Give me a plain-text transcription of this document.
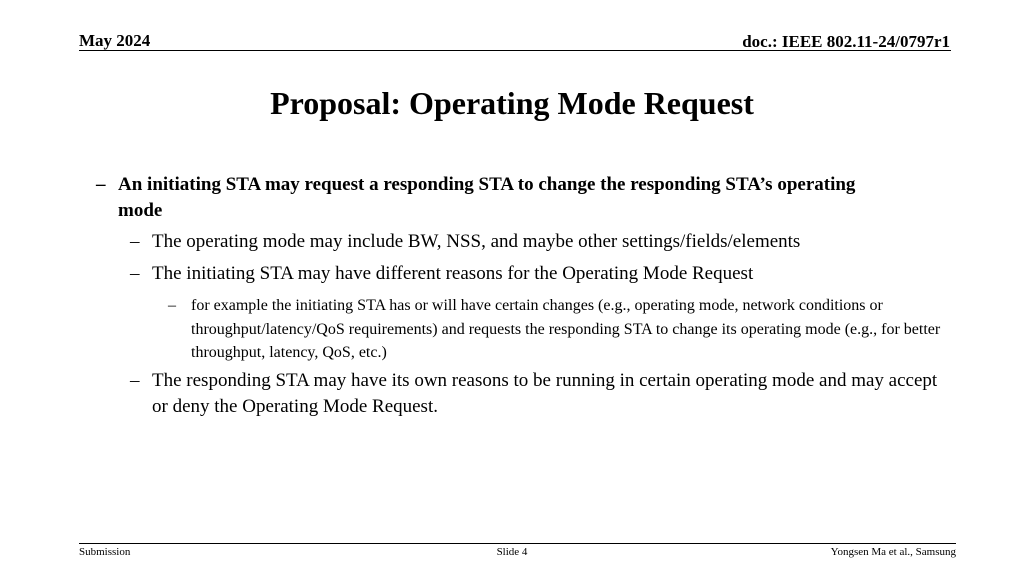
May 2024	doc.: IEEE 802.11-24/0797r1
Proposal: Operating Mode Request
– An initiating STA may request a responding STA to change the responding STA’s operating mode
– The operating mode may include BW, NSS, and maybe other settings/fields/elements
– The initiating STA may have different reasons for the Operating Mode Request
– for example the initiating STA has or will have certain changes (e.g., operating mode, network conditions or throughput/latency/QoS requirements) and requests the responding STA to change its operating mode (e.g., for better throughput, latency, QoS, etc.)
– The responding STA may have its own reasons to be running in certain operating mode and may accept or deny the Operating Mode Request.
Submission	Slide 4	Yongsen Ma et al., Samsung
